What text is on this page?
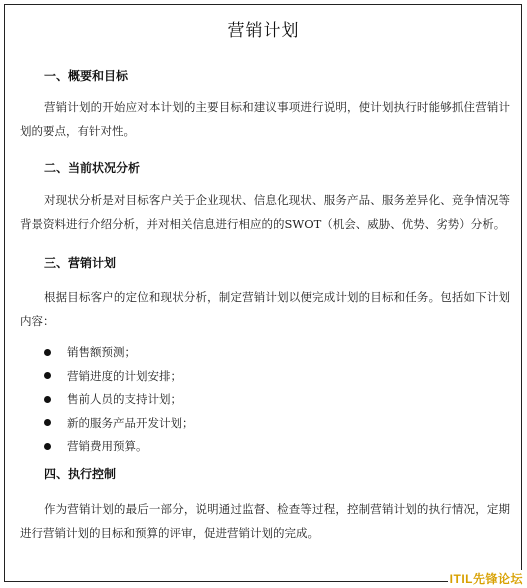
营销计划
一、概要和目标
营销计划的开始应对本计划的主要目标和建议事项进行说明，使计划执行时能够抓住营销计划的要点，有针对性。
二、当前状况分析
对现状分析是对目标客户关于企业现状、信息化现状、服务产品、服务差异化、竞争情况等背景资料进行介绍分析，并对相关信息进行相应的的SWOT（机会、威胁、优势、劣势）分析。
三、营销计划
根据目标客户的定位和现状分析，制定营销计划以便完成计划的目标和任务。包括如下计划内容：
销售额预测；
营销进度的计划安排；
售前人员的支持计划；
新的服务产品开发计划；
营销费用预算。
四、执行控制
作为营销计划的最后一部分，说明通过监督、检查等过程，控制营销计划的执行情况，定期进行营销计划的目标和预算的评审，促进营销计划的完成。
ITIL先锋论坛
